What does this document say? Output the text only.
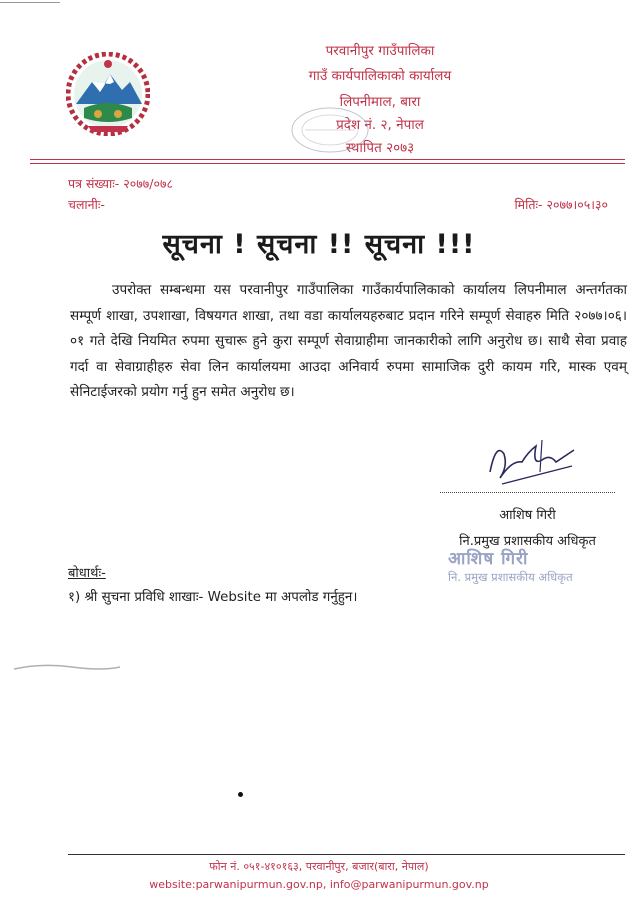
परवानीपुर गाउँपालिका
गाउँ कार्यपालिकाको कार्यालय
लिपनीमाल, बारा
प्रदेश नं. २, नेपाल
स्थापित २०७३
पत्र संख्याः- २०७७/०७८
चलानीः-	मितिः- २०७७।०५।३०
सूचना ! सूचना !! सूचना !!!
उपरोक्त सम्बन्धमा यस परवानीपुर गाउँपालिका गाउँकार्यपालिकाको कार्यालय लिपनीमाल अन्तर्गतका सम्पूर्ण शाखा, उपशाखा, विषयगत शाखा, तथा वडा कार्यालयहरुबाट प्रदान गरिने सम्पूर्ण सेवाहरु मिति २०७७।०६।०१ गते देखि नियमित रुपमा सुचारू हुने कुरा सम्पूर्ण सेवाग्राहीमा जानकारीको लागि अनुरोध छ। साथै सेवा प्रवाह गर्दा वा सेवाग्राहीहरु सेवा लिन कार्यालयमा आउदा अनिवार्य रुपमा सामाजिक दुरी कायम गरि, मास्क एवम् सेनिटाईजरको प्रयोग गर्नु हुन समेत अनुरोध छ।
आशिष गिरी
नि.प्रमुख प्रशासकीय अधिकृत
आशिष गिरी
नि. प्रमुख प्रशासकीय अधिकृत
बोधार्थः-
१) श्री सुचना प्रविधि शाखाः- Website मा अपलोड गर्नुहुन।
फोन नं. ०५१-४१०१६३, परवानीपुर, बजार(बारा, नेपाल)
website:parwanipurmun.gov.np, info@parwanipurmun.gov.np
